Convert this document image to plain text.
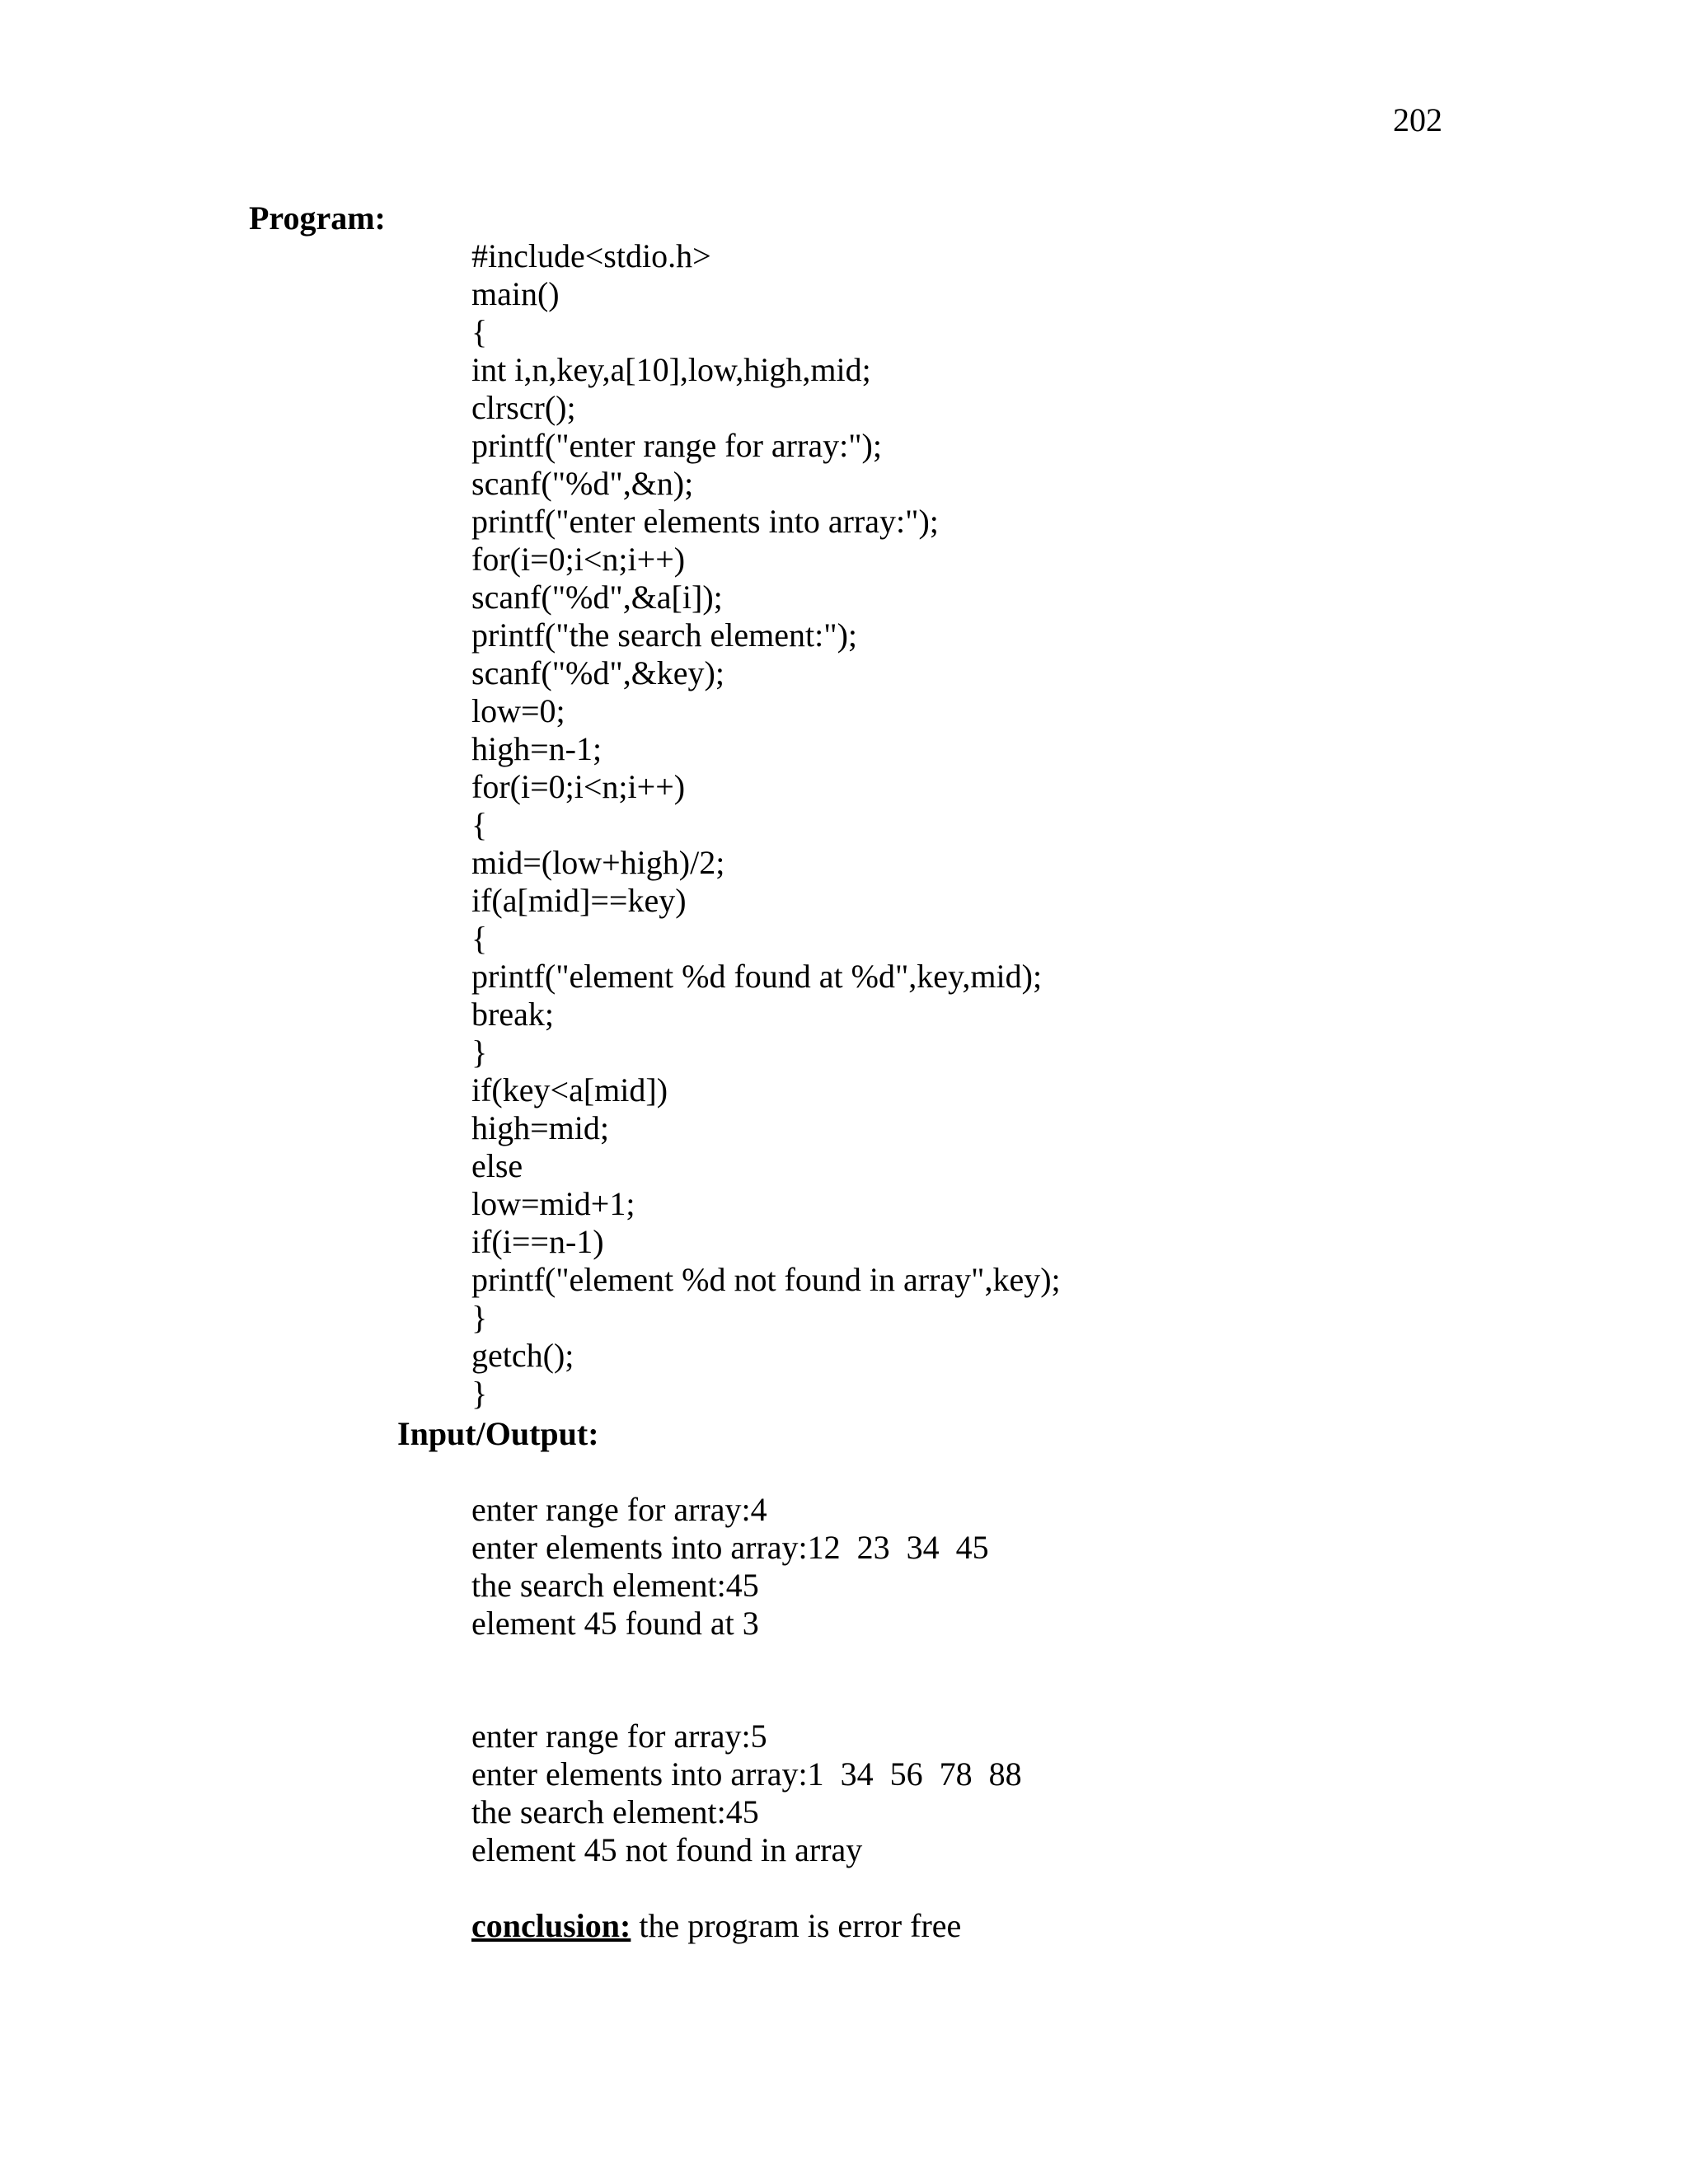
202
Program:
#include<stdio.h>
main()
{
int i,n,key,a[10],low,high,mid;
clrscr();
printf("enter range for array:");
scanf("%d",&n);
printf("enter elements into array:");
for(i=0;i<n;i++)
scanf("%d",&a[i]);
printf("the search element:");
scanf("%d",&key);
low=0;
high=n-1;
for(i=0;i<n;i++)
{
mid=(low+high)/2;
if(a[mid]==key)
{
printf("element %d found at %d",key,mid);
break;
}
if(key<a[mid])
high=mid;
else
low=mid+1;
if(i==n-1)
printf("element %d not found in array",key);
}
getch();
}
Input/Output:
enter range for array:4
enter elements into array:12  23  34  45
the search element:45
element 45 found at 3
enter range for array:5
enter elements into array:1  34  56  78  88
the search element:45
element 45 not found in array
conclusion: the program is error free
